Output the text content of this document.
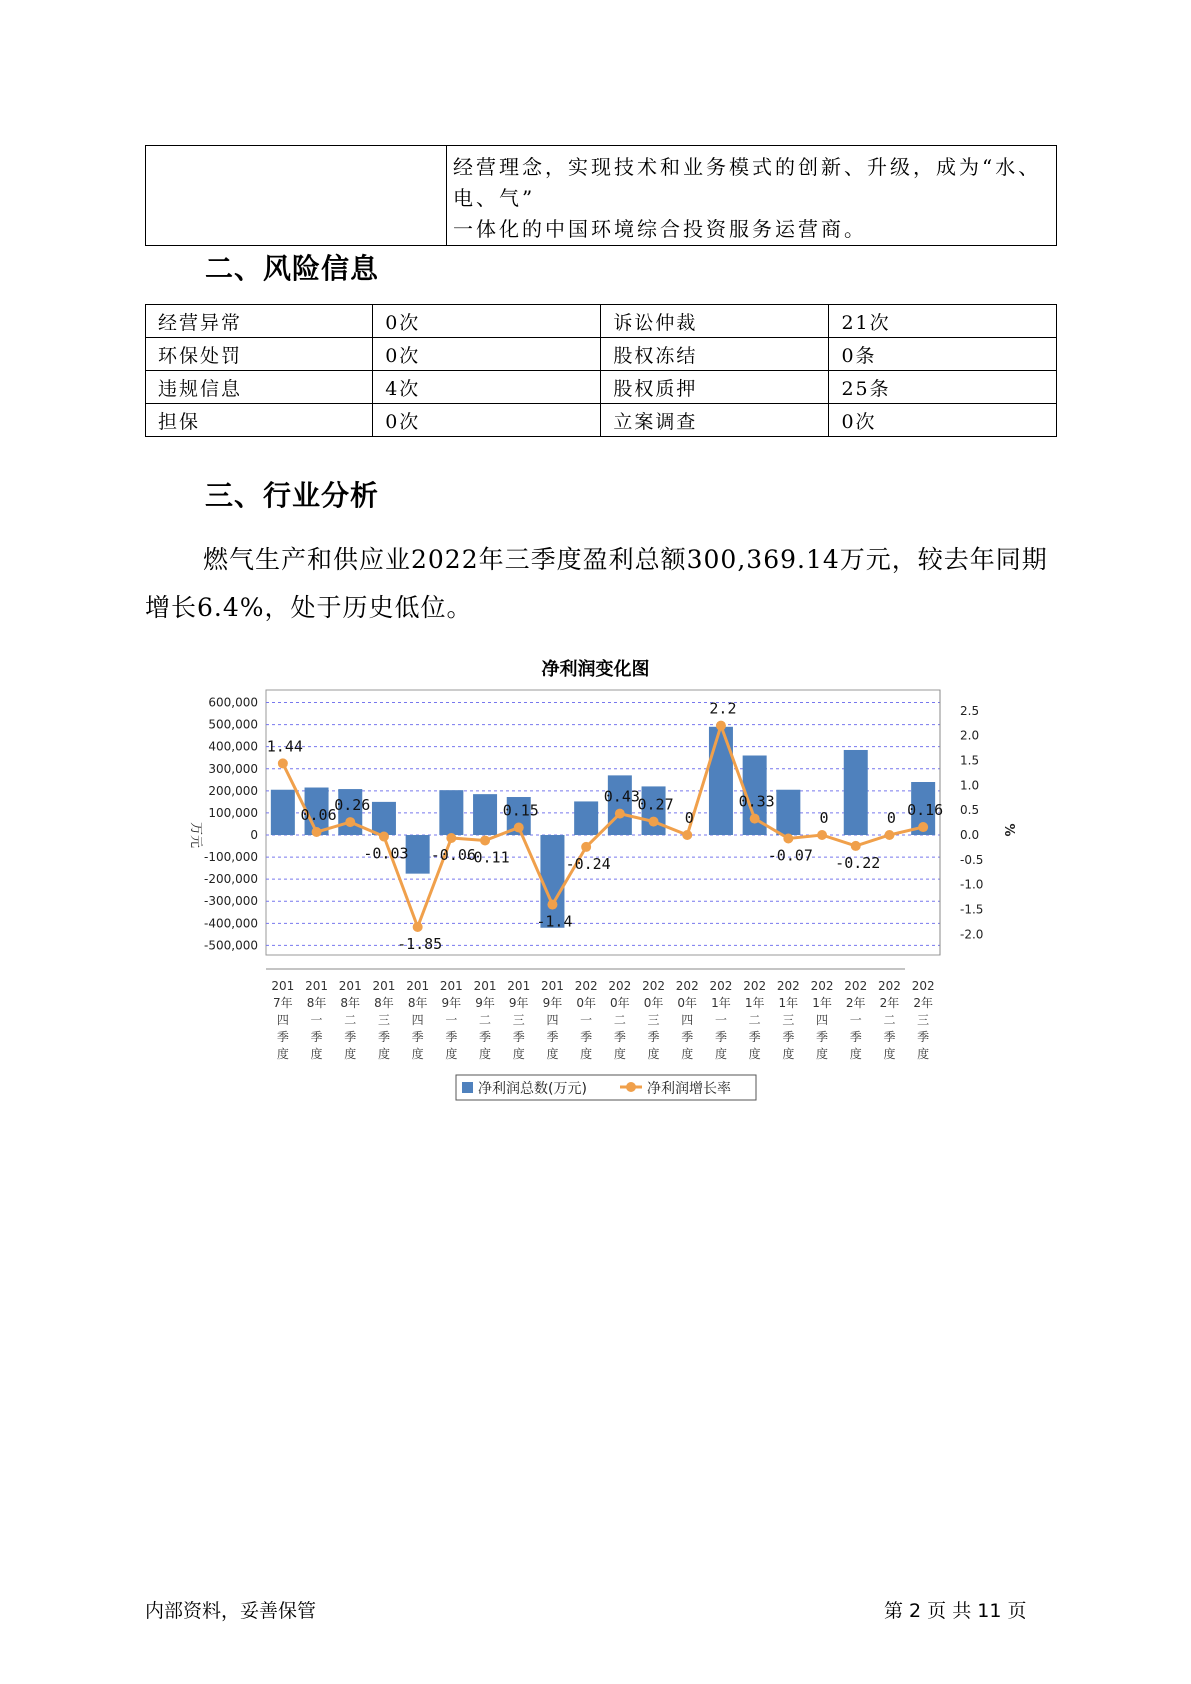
经营理念，实现技术和业务模式的创新、升级，成为“水、电、气”
一体化的中国环境综合投资服务运营商。
二、风险信息
经营异常	0次	诉讼仲裁	21次
环保处罚	0次	股权冻结	0条
违规信息	4次	股权质押	25条
担保	0次	立案调查	0次
三、行业分析

燃气生产和供应业2022年三季度盈利总额300,369.14万元，较去年同期增长6.4%，处于历史低位。

净利润变化图
600,000
500,000
400,000
300,000
200,000
100,000
0
-100,000
-200,000
-300,000
-400,000
-500,000
2.5
2.0
1.5
1.0
0.5
0.0
-0.5
-1.0
-1.5
-2.0
万元	%
201
7年
四
季
度
201
8年
一
季
度
201
8年
二
季
度
201
8年
三
季
度
201
8年
四
季
度
201
9年
一
季
度
201
9年
二
季
度
201
9年
三
季
度
201
9年
四
季
度
202
0年
一
季
度
202
0年
二
季
度
202
0年
三
季
度
202
0年
四
季
度
202
1年
一
季
度
202
1年
二
季
度
202
1年
三
季
度
202
1年
四
季
度
202
2年
一
季
度
202
2年
二
季
度
202
2年
三
季
度
1.44
0.06
0.26
-0.03
-1.85
-0.06
-0.11
0.15
-1.4
-0.24
0.43
0.27
0
2.2
0.33
-0.07
0
-0.22
0 0.16
净利润总数(万元)	净利润增长率
内部资料，妥善保管	第 2 页 共 11 页
